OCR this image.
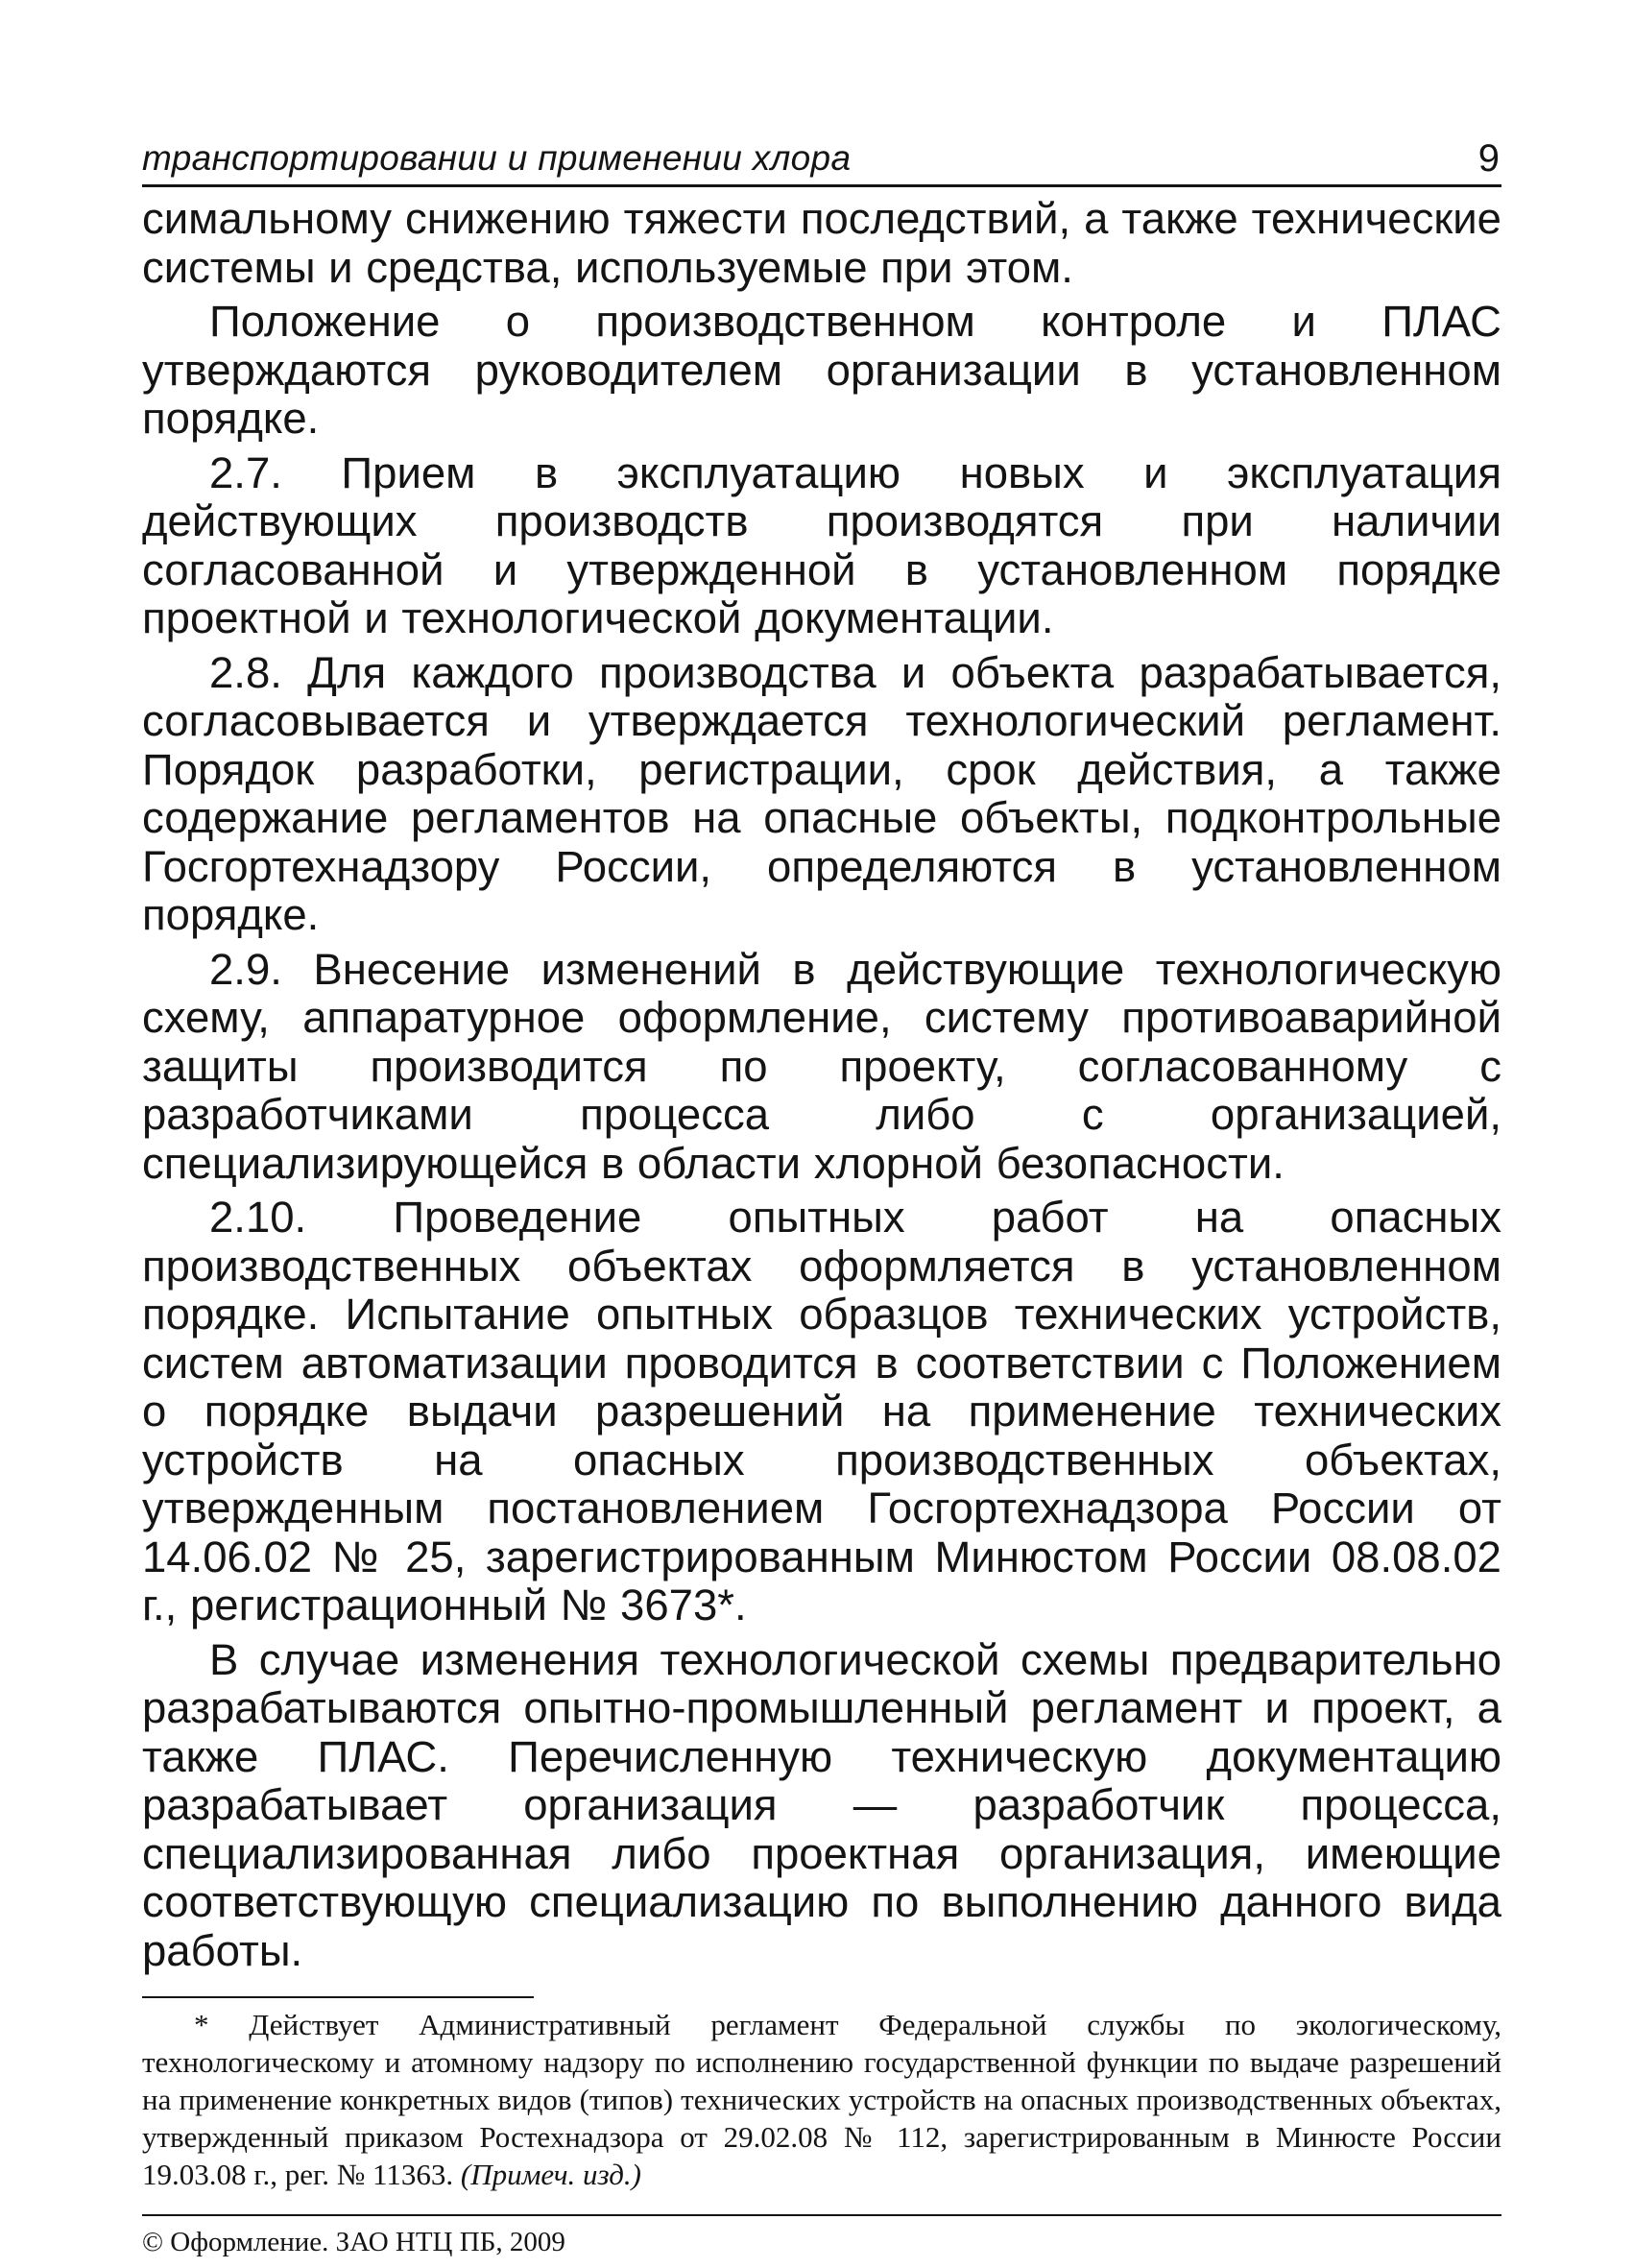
транспортировании и применении хлора	9

симальному снижению тяжести последствий, а также технические системы и средства, используемые при этом.

Положение о производственном контроле и ПЛАС утверждаются руководителем организации в установленном порядке.

2.7. Прием в эксплуатацию новых и эксплуатация действующих производств производятся при наличии согласованной и утвержденной в установленном порядке проектной и технологической документации.

2.8. Для каждого производства и объекта разрабатывается, согласовывается и утверждается технологический регламент. Порядок разработки, регистрации, срок действия, а также содержание регламентов на опасные объекты, подконтрольные Госгортехнадзору России, определяются в установленном порядке.

2.9. Внесение изменений в действующие технологическую схему, аппаратурное оформление, систему противоаварийной защиты производится по проекту, согласованному с разработчиками процесса либо с организацией, специализирующейся в области хлорной безопасности.

2.10. Проведение опытных работ на опасных производственных объектах оформляется в установленном порядке. Испытание опытных образцов технических устройств, систем автоматизации проводится в соответствии с Положением о порядке выдачи разрешений на применение технических устройств на опасных производственных объектах, утвержденным постановлением Госгортехнадзора России от 14.06.02 № 25, зарегистрированным Минюстом России 08.08.02 г., регистрационный № 3673*.

В случае изменения технологической схемы предварительно разрабатываются опытно-промышленный регламент и проект, а также ПЛАС. Перечисленную техническую документацию разрабатывает организация — разработчик процесса, специализированная либо проектная организация, имеющие соответствующую специализацию по выполнению данного вида работы.

* Действует Административный регламент Федеральной службы по экологическому, технологическому и атомному надзору по исполнению государственной функции по выдаче разрешений на применение конкретных видов (типов) технических устройств на опасных производственных объектах, утвержденный приказом Ростехнадзора от 29.02.08 № 112, зарегистрированным в Минюсте России 19.03.08 г., рег. № 11363. (Примеч. изд.)

© Оформление. ЗАО НТЦ ПБ, 2009
